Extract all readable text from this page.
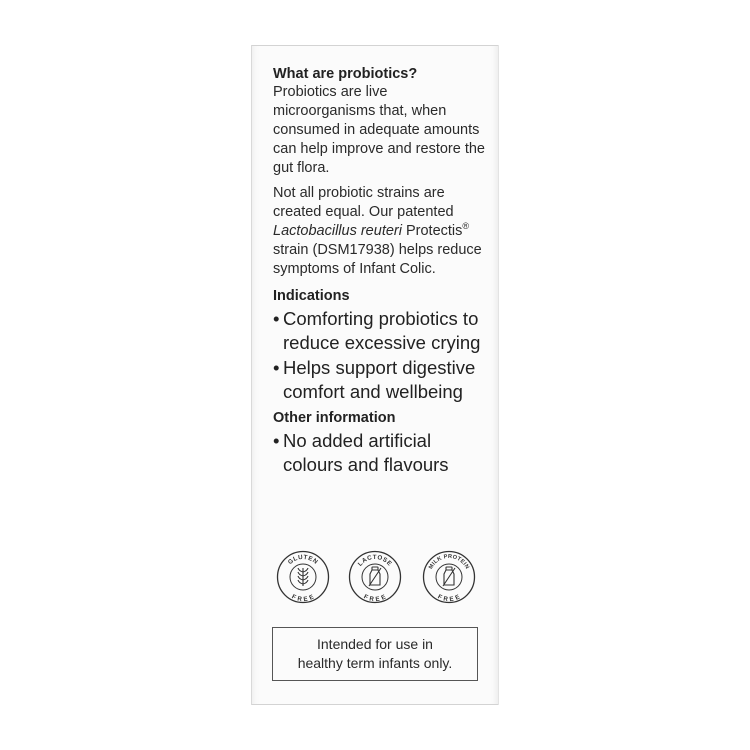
What are probiotics?

Probiotics are live microorganisms that, when consumed in adequate amounts can help improve and restore the gut flora.

Not all probiotic strains are created equal. Our patented Lactobacillus reuteri Protectis® strain (DSM17938) helps reduce symptoms of Infant Colic.

Indications

• Comforting probiotics to reduce excessive crying
• Helps support digestive comfort and wellbeing

Other information

• No added artificial colours and flavours
GLUTEN
FREE
LACTOSE
FREE
MILK PROTEIN
FREE
Intended for use in
healthy term infants only.
